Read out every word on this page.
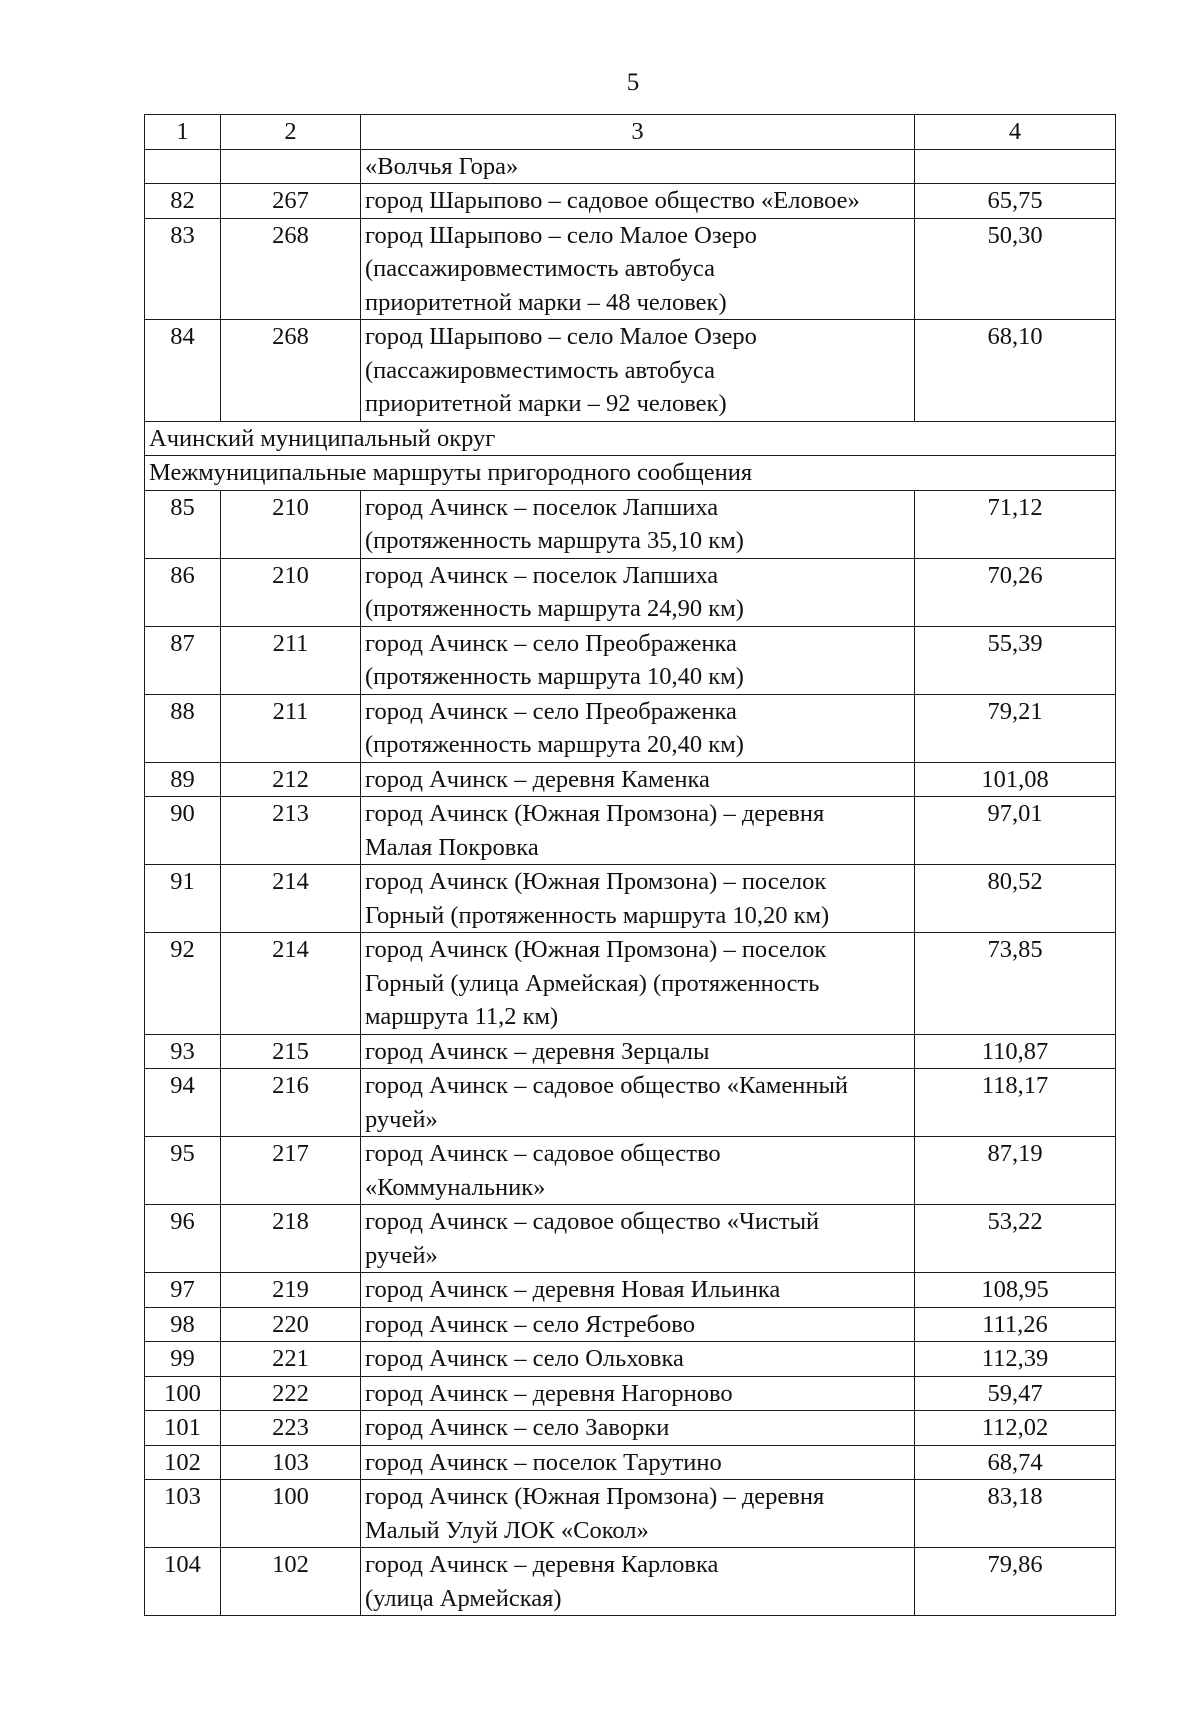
5
1	2	3	4
		«Волчья Гора»	
82	267	город Шарыпово – садовое общество «Еловое»	65,75
83	268	город Шарыпово – село Малое Озеро
(пассажировместимость автобуса
приоритетной марки – 48 человек)	50,30
84	268	город Шарыпово – село Малое Озеро
(пассажировместимость автобуса
приоритетной марки – 92 человек)	68,10
Ачинский муниципальный округ			
Межмуниципальные маршруты пригородного сообщения			
85	210	город Ачинск – поселок Лапшиха
(протяженность маршрута 35,10 км)	71,12
86	210	город Ачинск – поселок Лапшиха
(протяженность маршрута 24,90 км)	70,26
87	211	город Ачинск – село Преображенка
(протяженность маршрута 10,40 км)	55,39
88	211	город Ачинск – село Преображенка
(протяженность маршрута 20,40 км)	79,21
89	212	город Ачинск – деревня Каменка	101,08
90	213	город Ачинск (Южная Промзона) – деревня
Малая Покровка	97,01
91	214	город Ачинск (Южная Промзона) – поселок
Горный (протяженность маршрута 10,20 км)	80,52
92	214	город Ачинск (Южная Промзона) – поселок
Горный (улица Армейская) (протяженность
маршрута 11,2 км)	73,85
93	215	город Ачинск – деревня Зерцалы	110,87
94	216	город Ачинск – садовое общество «Каменный
ручей»	118,17
95	217	город Ачинск – садовое общество
«Коммунальник»	87,19
96	218	город Ачинск – садовое общество «Чистый
ручей»	53,22
97	219	город Ачинск – деревня Новая Ильинка	108,95
98	220	город Ачинск – село Ястребово	111,26
99	221	город Ачинск – село Ольховка	112,39
100	222	город Ачинск – деревня Нагорново	59,47
101	223	город Ачинск – село Заворки	112,02
102	103	город Ачинск – поселок Тарутино	68,74
103	100	город Ачинск (Южная Промзона) – деревня
Малый Улуй ЛОК «Сокол»	83,18
104	102	город Ачинск – деревня Карловка
(улица Армейская)	79,86
